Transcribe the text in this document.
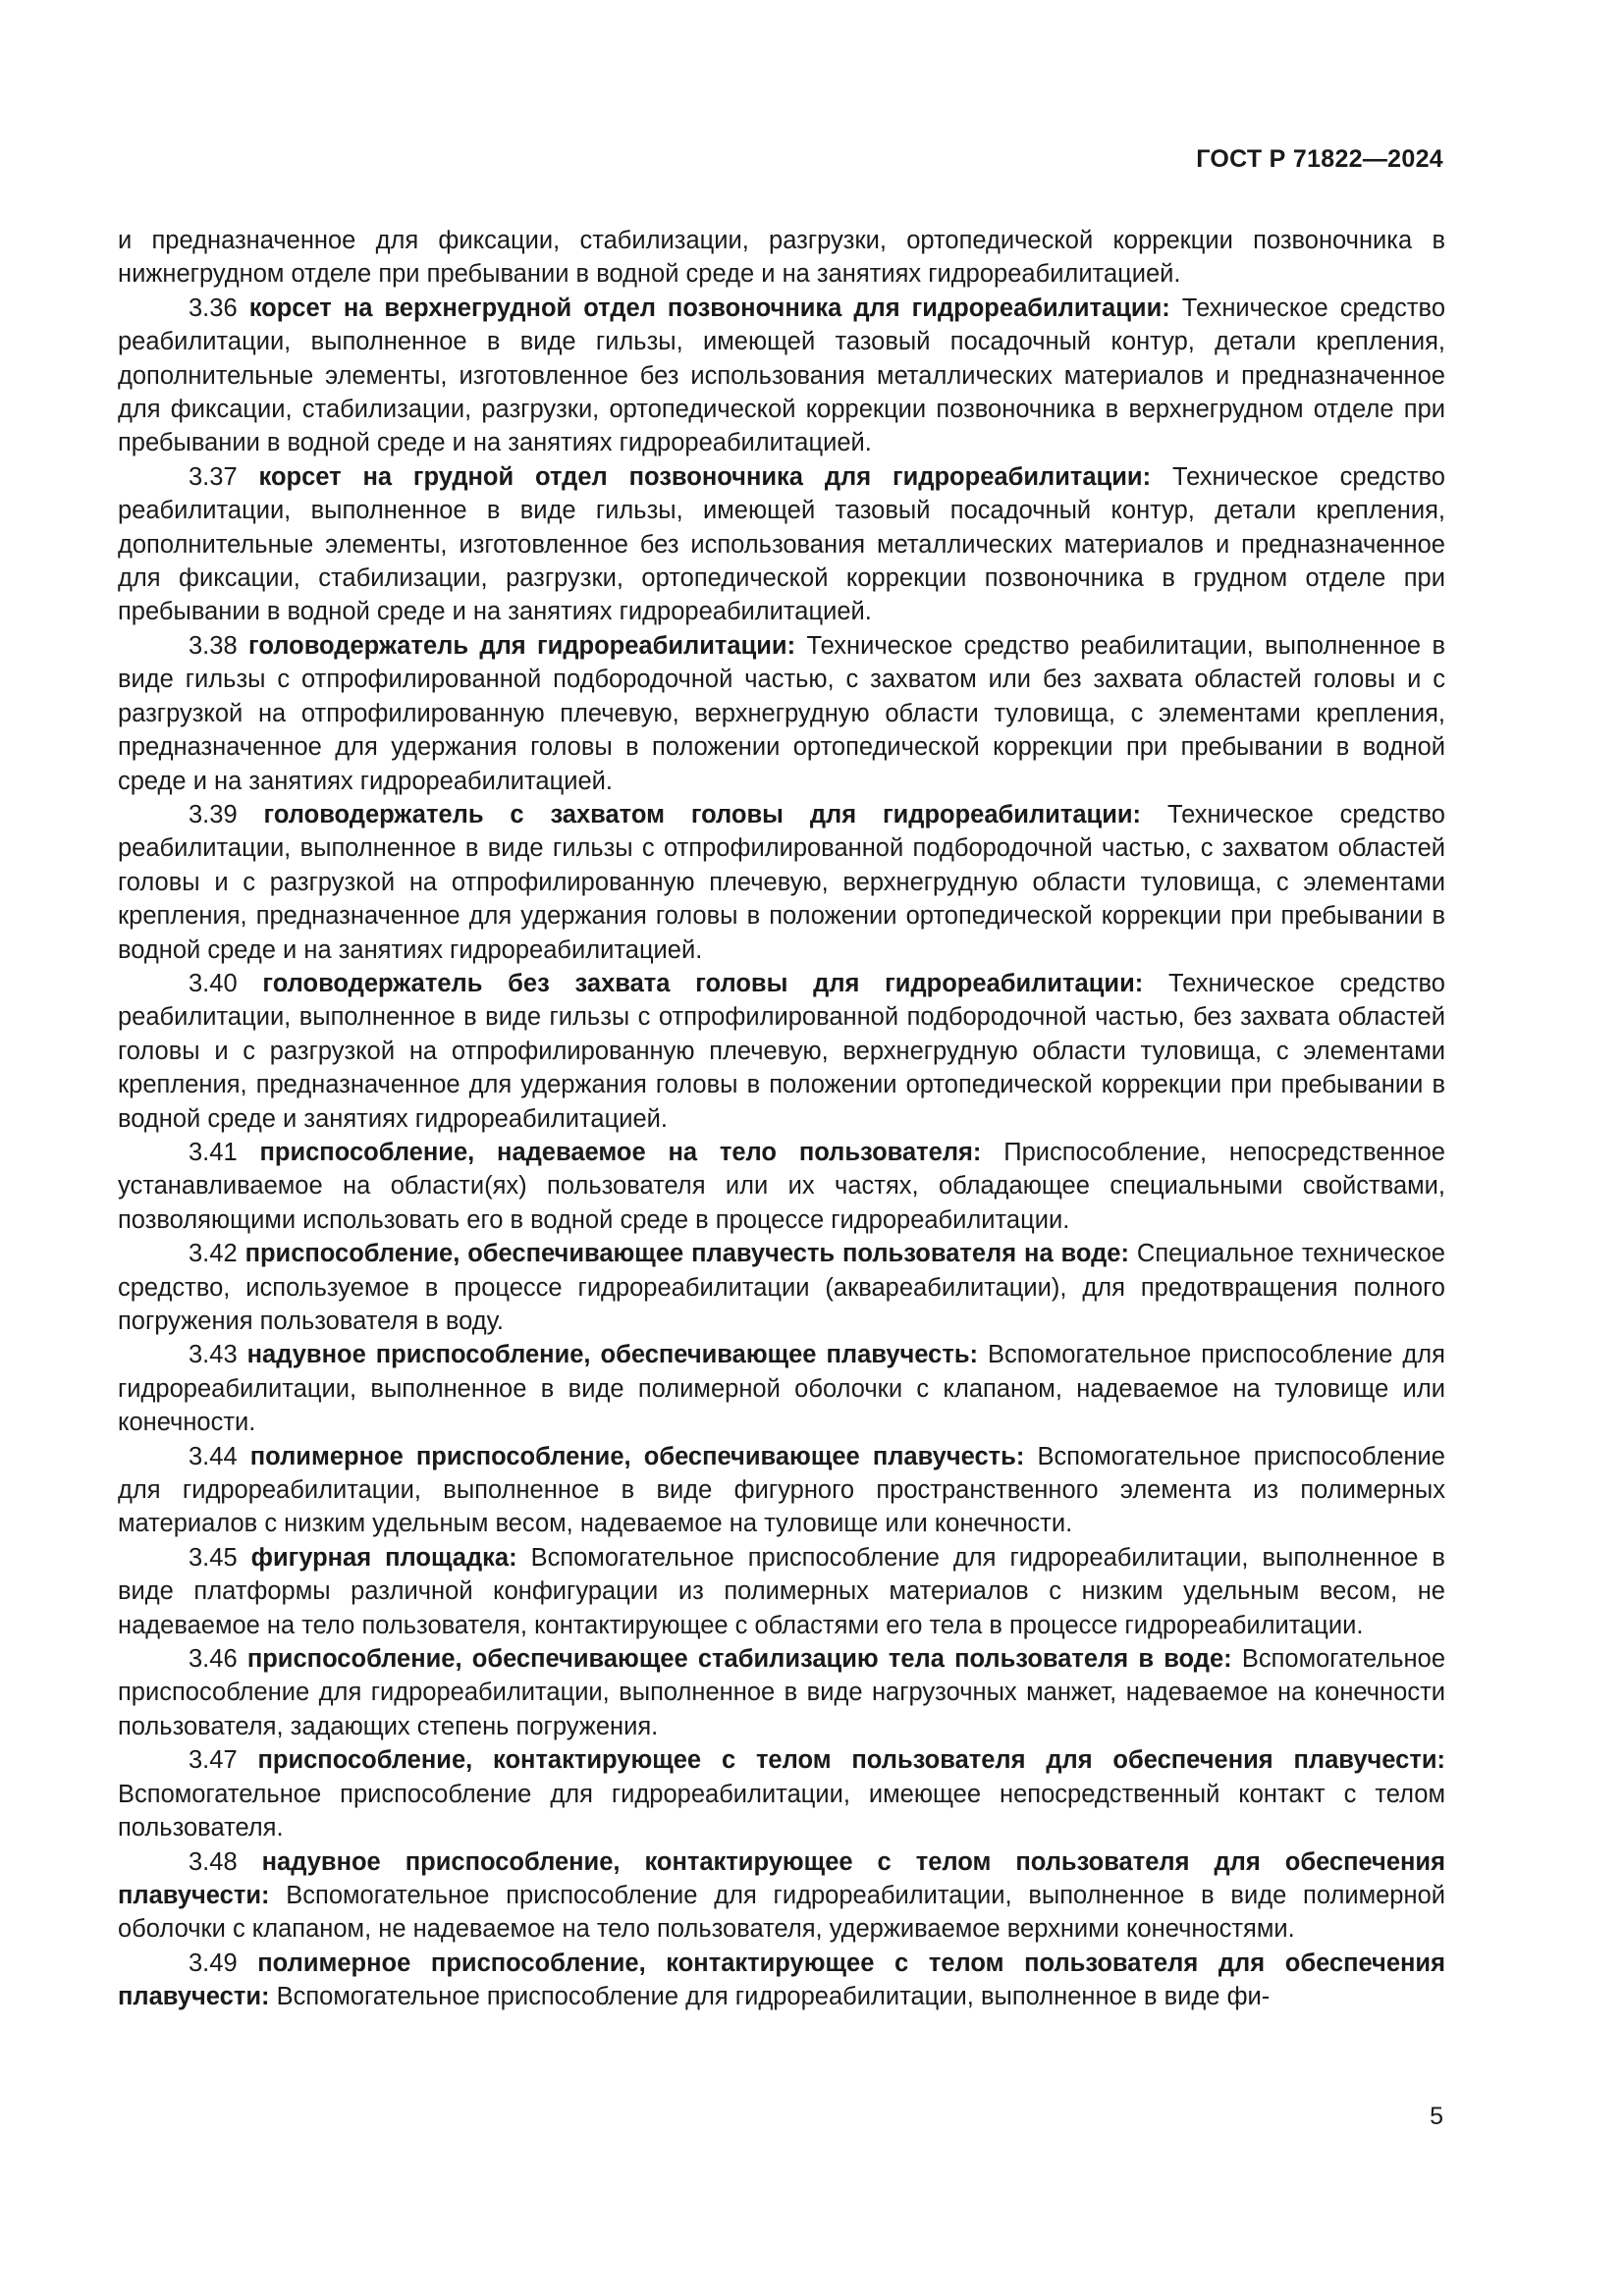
ГОСТ Р 71822—2024

и предназначенное для фиксации, стабилизации, разгрузки, ортопедической коррекции позвоночника в нижнегрудном отделе при пребывании в водной среде и на занятиях гидрореабилитацией.

3.36 корсет на верхнегрудной отдел позвоночника для гидрореабилитации: Техническое средство реабилитации, выполненное в виде гильзы, имеющей тазовый посадочный контур, детали крепления, дополнительные элементы, изготовленное без использования металлических материалов и предназначенное для фиксации, стабилизации, разгрузки, ортопедической коррекции позвоночника в верхнегрудном отделе при пребывании в водной среде и на занятиях гидрореабилитацией.

3.37 корсет на грудной отдел позвоночника для гидрореабилитации: Техническое средство реабилитации, выполненное в виде гильзы, имеющей тазовый посадочный контур, детали крепления, дополнительные элементы, изготовленное без использования металлических материалов и предназначенное для фиксации, стабилизации, разгрузки, ортопедической коррекции позвоночника в грудном отделе при пребывании в водной среде и на занятиях гидрореабилитацией.

3.38 головодержатель для гидрореабилитации: Техническое средство реабилитации, выполненное в виде гильзы с отпрофилированной подбородочной частью, с захватом или без захвата областей головы и с разгрузкой на отпрофилированную плечевую, верхнегрудную области туловища, с элементами крепления, предназначенное для удержания головы в положении ортопедической коррекции при пребывании в водной среде и на занятиях гидрореабилитацией.

3.39 головодержатель с захватом головы для гидрореабилитации: Техническое средство реабилитации, выполненное в виде гильзы с отпрофилированной подбородочной частью, с захватом областей головы и с разгрузкой на отпрофилированную плечевую, верхнегрудную области туловища, с элементами крепления, предназначенное для удержания головы в положении ортопедической коррекции при пребывании в водной среде и на занятиях гидрореабилитацией.

3.40 головодержатель без захвата головы для гидрореабилитации: Техническое средство реабилитации, выполненное в виде гильзы с отпрофилированной подбородочной частью, без захвата областей головы и с разгрузкой на отпрофилированную плечевую, верхнегрудную области туловища, с элементами крепления, предназначенное для удержания головы в положении ортопедической коррекции при пребывании в водной среде и занятиях гидрореабилитацией.

3.41 приспособление, надеваемое на тело пользователя: Приспособление, непосредственное устанавливаемое на области(ях) пользователя или их частях, обладающее специальными свойствами, позволяющими использовать его в водной среде в процессе гидрореабилитации.

3.42 приспособление, обеспечивающее плавучесть пользователя на воде: Специальное техническое средство, используемое в процессе гидрореабилитации (аквареабилитации), для предотвращения полного погружения пользователя в воду.

3.43 надувное приспособление, обеспечивающее плавучесть: Вспомогательное приспособление для гидрореабилитации, выполненное в виде полимерной оболочки с клапаном, надеваемое на туловище или конечности.

3.44 полимерное приспособление, обеспечивающее плавучесть: Вспомогательное приспособление для гидрореабилитации, выполненное в виде фигурного пространственного элемента из полимерных материалов с низким удельным весом, надеваемое на туловище или конечности.

3.45 фигурная площадка: Вспомогательное приспособление для гидрореабилитации, выполненное в виде платформы различной конфигурации из полимерных материалов с низким удельным весом, не надеваемое на тело пользователя, контактирующее с областями его тела в процессе гидрореабилитации.

3.46 приспособление, обеспечивающее стабилизацию тела пользователя в воде: Вспомогательное приспособление для гидрореабилитации, выполненное в виде нагрузочных манжет, надеваемое на конечности пользователя, задающих степень погружения.

3.47 приспособление, контактирующее с телом пользователя для обеспечения плавучести: Вспомогательное приспособление для гидрореабилитации, имеющее непосредственный контакт с телом пользователя.

3.48 надувное приспособление, контактирующее с телом пользователя для обеспечения плавучести: Вспомогательное приспособление для гидрореабилитации, выполненное в виде полимерной оболочки с клапаном, не надеваемое на тело пользователя, удерживаемое верхними конечностями.

3.49 полимерное приспособление, контактирующее с телом пользователя для обеспечения плавучести: Вспомогательное приспособление для гидрореабилитации, выполненное в виде фи-

5
